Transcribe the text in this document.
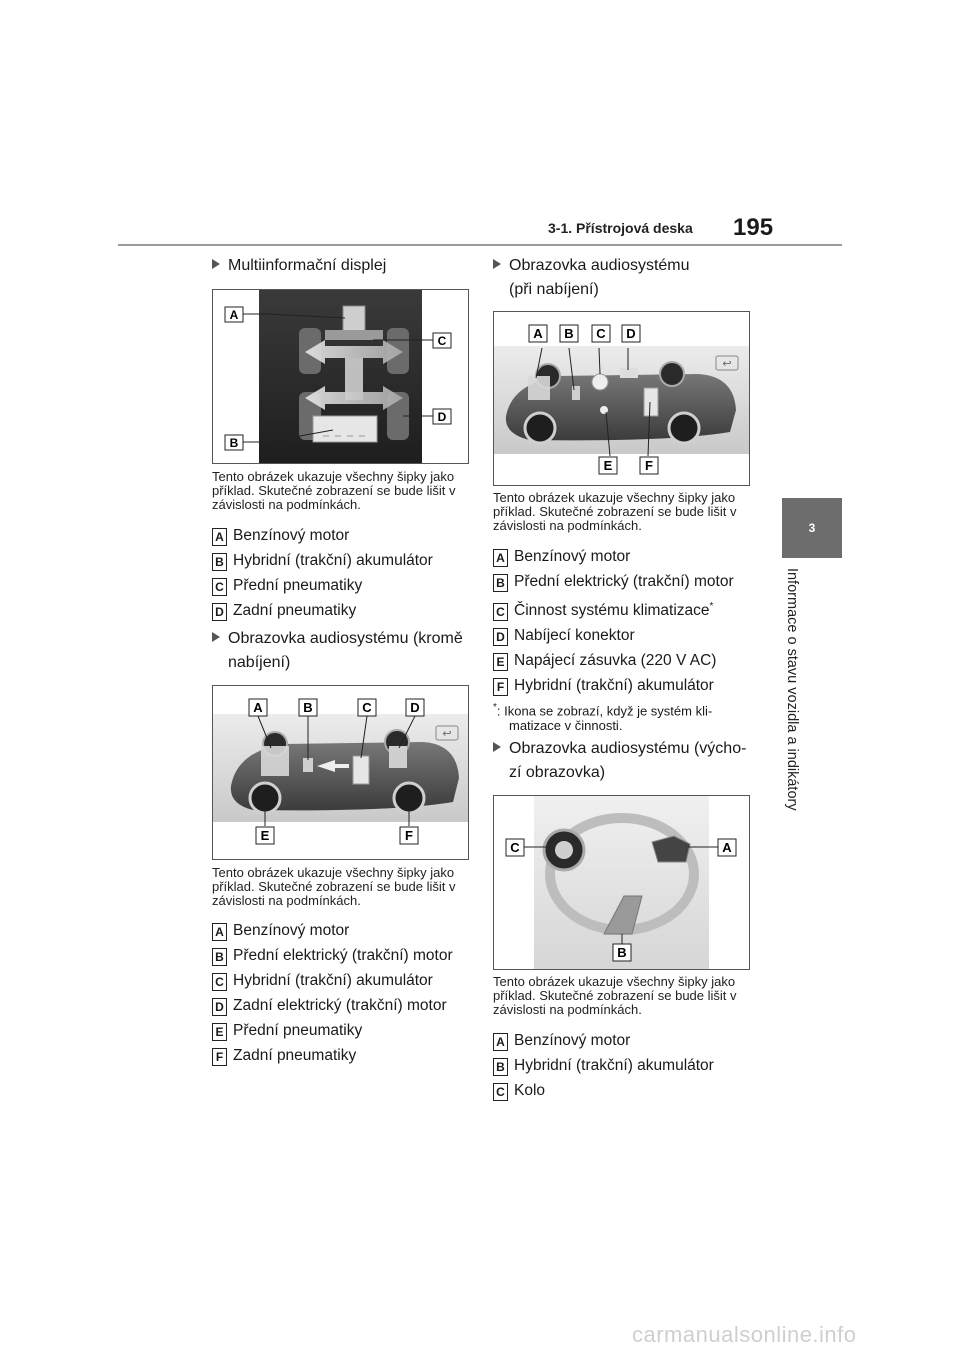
3-1. Přístrojová deska 195
3
Informace o stavu vozidla a indikátory
Multiinformační displej
A
B
C
D
Tento obrázek ukazuje všechny šipky jako příklad. Skutečné zobrazení se bude lišit v závislosti na podmínkách.
A Benzínový motor
B Hybridní (trakční) akumulátor
C Přední pneumatiky
D Zadní pneumatiky
Obrazovka audiosystému (kromě
nabíjení)
↩
A	B	C	D
E	F
Tento obrázek ukazuje všechny šipky jako příklad. Skutečné zobrazení se bude lišit v závislosti na podmínkách.
A Benzínový motor
B Přední elektrický (trakční) motor
C Hybridní (trakční) akumulátor
D Zadní elektrický (trakční) motor
E Přední pneumatiky
F Zadní pneumatiky
Obrazovka audiosystému
(při nabíjení)
↩
A B C D
E	F
Tento obrázek ukazuje všechny šipky jako příklad. Skutečné zobrazení se bude lišit v závislosti na podmínkách.
A Benzínový motor
B Přední elektrický (trakční) motor
C Činnost systému klimatizace*
D Nabíjecí konektor
E Napájecí zásuvka (220 V AC)
F Hybridní (trakční) akumulátor
*: Ikona se zobrazí, když je systém kli-
matizace v činnosti.
Obrazovka audiosystému (výcho-
zí obrazovka)
C	A
B
Tento obrázek ukazuje všechny šipky jako příklad. Skutečné zobrazení se bude lišit v závislosti na podmínkách.
A Benzínový motor
B Hybridní (trakční) akumulátor
C Kolo
carmanualsonline.info
